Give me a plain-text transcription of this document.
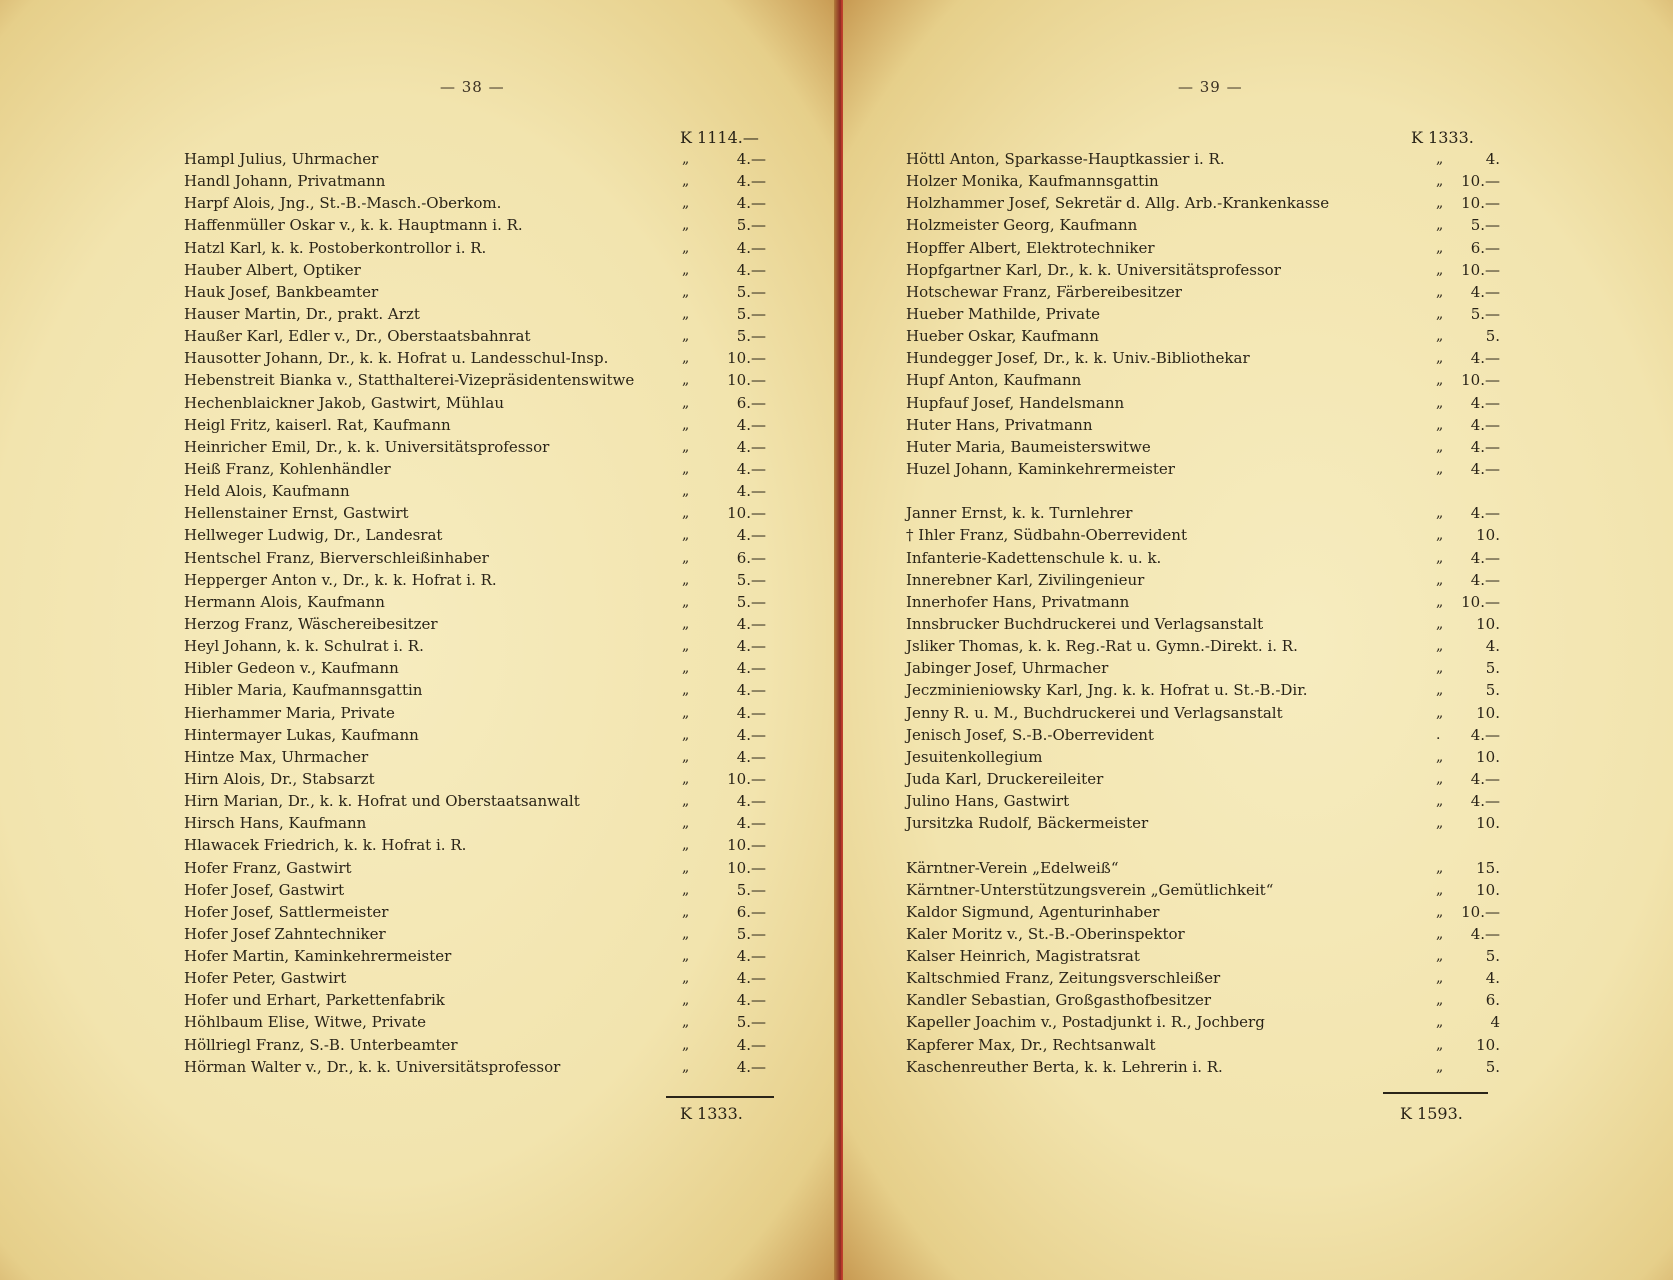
— 38 —
K 1114.—
Hampl Julius, Uhrmacher	„	4.—
Handl Johann, Privatmann	„	4.—
Harpf Alois, Jng., St.-B.-Masch.-Oberkom.	„	4.—
Haffenmüller Oskar v., k. k. Hauptmann i. R.	„	5.—
Hatzl Karl, k. k. Postoberkontrollor i. R.	„	4.—
Hauber Albert, Optiker	„	4.—
Hauk Josef, Bankbeamter	„	5.—
Hauser Martin, Dr., prakt. Arzt	„	5.—
Haußer Karl, Edler v., Dr., Oberstaatsbahnrat	„	5.—
Hausotter Johann, Dr., k. k. Hofrat u. Landesschul-Insp.	„	10.—
Hebenstreit Bianka v., Statthalterei-Vizepräsidentenswitwe	„	10.—
Hechenblaickner Jakob, Gastwirt, Mühlau	„	6.—
Heigl Fritz, kaiserl. Rat, Kaufmann	„	4.—
Heinricher Emil, Dr., k. k. Universitätsprofessor	„	4.—
Heiß Franz, Kohlenhändler	„	4.—
Held Alois, Kaufmann	„	4.—
Hellenstainer Ernst, Gastwirt	„	10.—
Hellweger Ludwig, Dr., Landesrat	„	4.—
Hentschel Franz, Bierverschleißinhaber	„	6.—
Hepperger Anton v., Dr., k. k. Hofrat i. R.	„	5.—
Hermann Alois, Kaufmann	„	5.—
Herzog Franz, Wäschereibesitzer	„	4.—
Heyl Johann, k. k. Schulrat i. R.	„	4.—
Hibler Gedeon v., Kaufmann	„	4.—
Hibler Maria, Kaufmannsgattin	„	4.—
Hierhammer Maria, Private	„	4.—
Hintermayer Lukas, Kaufmann	„	4.—
Hintze Max, Uhrmacher	„	4.—
Hirn Alois, Dr., Stabsarzt	„	10.—
Hirn Marian, Dr., k. k. Hofrat und Oberstaatsanwalt	„	4.—
Hirsch Hans, Kaufmann	„	4.—
Hlawacek Friedrich, k. k. Hofrat i. R.	„	10.—
Hofer Franz, Gastwirt	„	10.—
Hofer Josef, Gastwirt	„	5.—
Hofer Josef, Sattlermeister	„	6.—
Hofer Josef Zahntechniker	„	5.—
Hofer Martin, Kaminkehrermeister	„	4.—
Hofer Peter, Gastwirt	„	4.—
Hofer und Erhart, Parkettenfabrik	„	4.—
Höhlbaum Elise, Witwe, Private	„	5.—
Höllriegl Franz, S.-B. Unterbeamter	„	4.—
Hörman Walter v., Dr., k. k. Universitätsprofessor	„	4.—
K 1333.
— 39 —
K 1333.
Höttl Anton, Sparkasse-Hauptkassier i. R.	„	4.
Holzer Monika, Kaufmannsgattin	„	10.—
Holzhammer Josef, Sekretär d. Allg. Arb.-Krankenkasse	„	10.—
Holzmeister Georg, Kaufmann	„	5.—
Hopffer Albert, Elektrotechniker	„	6.—
Hopfgartner Karl, Dr., k. k. Universitätsprofessor	„	10.—
Hotschewar Franz, Färbereibesitzer	„	4.—
Hueber Mathilde, Private	„	5.—
Hueber Oskar, Kaufmann	„	5.
Hundegger Josef, Dr., k. k. Univ.-Bibliothekar	„	4.—
Hupf Anton, Kaufmann	„	10.—
Hupfauf Josef, Handelsmann	„	4.—
Huter Hans, Privatmann	„	4.—
Huter Maria, Baumeisterswitwe	„	4.—
Huzel Johann, Kaminkehrermeister	„	4.—
Janner Ernst, k. k. Turnlehrer	„	4.—
† Ihler Franz, Südbahn-Oberrevident	„	10.
Infanterie-Kadettenschule k. u. k.	„	4.—
Innerebner Karl, Zivilingenieur	„	4.—
Innerhofer Hans, Privatmann	„	10.—
Innsbrucker Buchdruckerei und Verlagsanstalt	„	10.
Jsliker Thomas, k. k. Reg.-Rat u. Gymn.-Direkt. i. R.	„	4.
Jabinger Josef, Uhrmacher	„	5.
Jeczminieniowsky Karl, Jng. k. k. Hofrat u. St.-B.-Dir.	„	5.
Jenny R. u. M., Buchdruckerei und Verlagsanstalt	„	10.
Jenisch Josef, S.-B.-Oberrevident	.	4.—
Jesuitenkollegium	„	10.
Juda Karl, Druckereileiter	„	4.—
Julino Hans, Gastwirt	„	4.—
Jursitzka Rudolf, Bäckermeister	„	10.
Kärntner-Verein „Edelweiß“	„	15.
Kärntner-Unterstützungsverein „Gemütlichkeit“	„	10.
Kaldor Sigmund, Agenturinhaber	„	10.—
Kaler Moritz v., St.-B.-Oberinspektor	„	4.—
Kalser Heinrich, Magistratsrat	„	5.
Kaltschmied Franz, Zeitungsverschleißer	„	4.
Kandler Sebastian, Großgasthofbesitzer	„	6.
Kapeller Joachim v., Postadjunkt i. R., Jochberg	„	4
Kapferer Max, Dr., Rechtsanwalt	„	10.
Kaschenreuther Berta, k. k. Lehrerin i. R.	„	5.
K 1593.
